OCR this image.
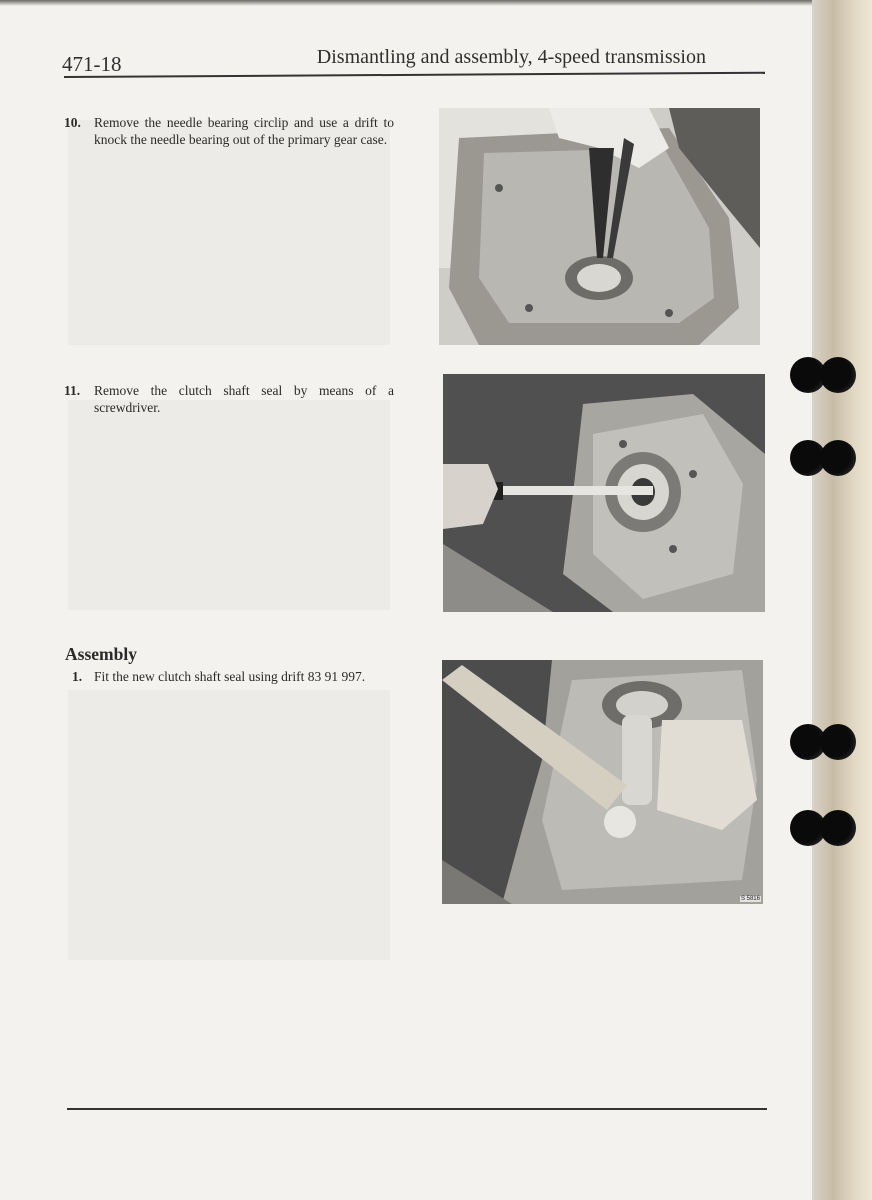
471-18	Dismantling and assembly, 4-speed transmission
10. Remove the needle bearing circlip and use a drift to knock the needle bearing out of the primary gear case.
11.	Remove the clutch shaft seal by means of a screwdriver.
Assembly
1. Fit the new clutch shaft seal using drift 83 91 997.
S 5816
